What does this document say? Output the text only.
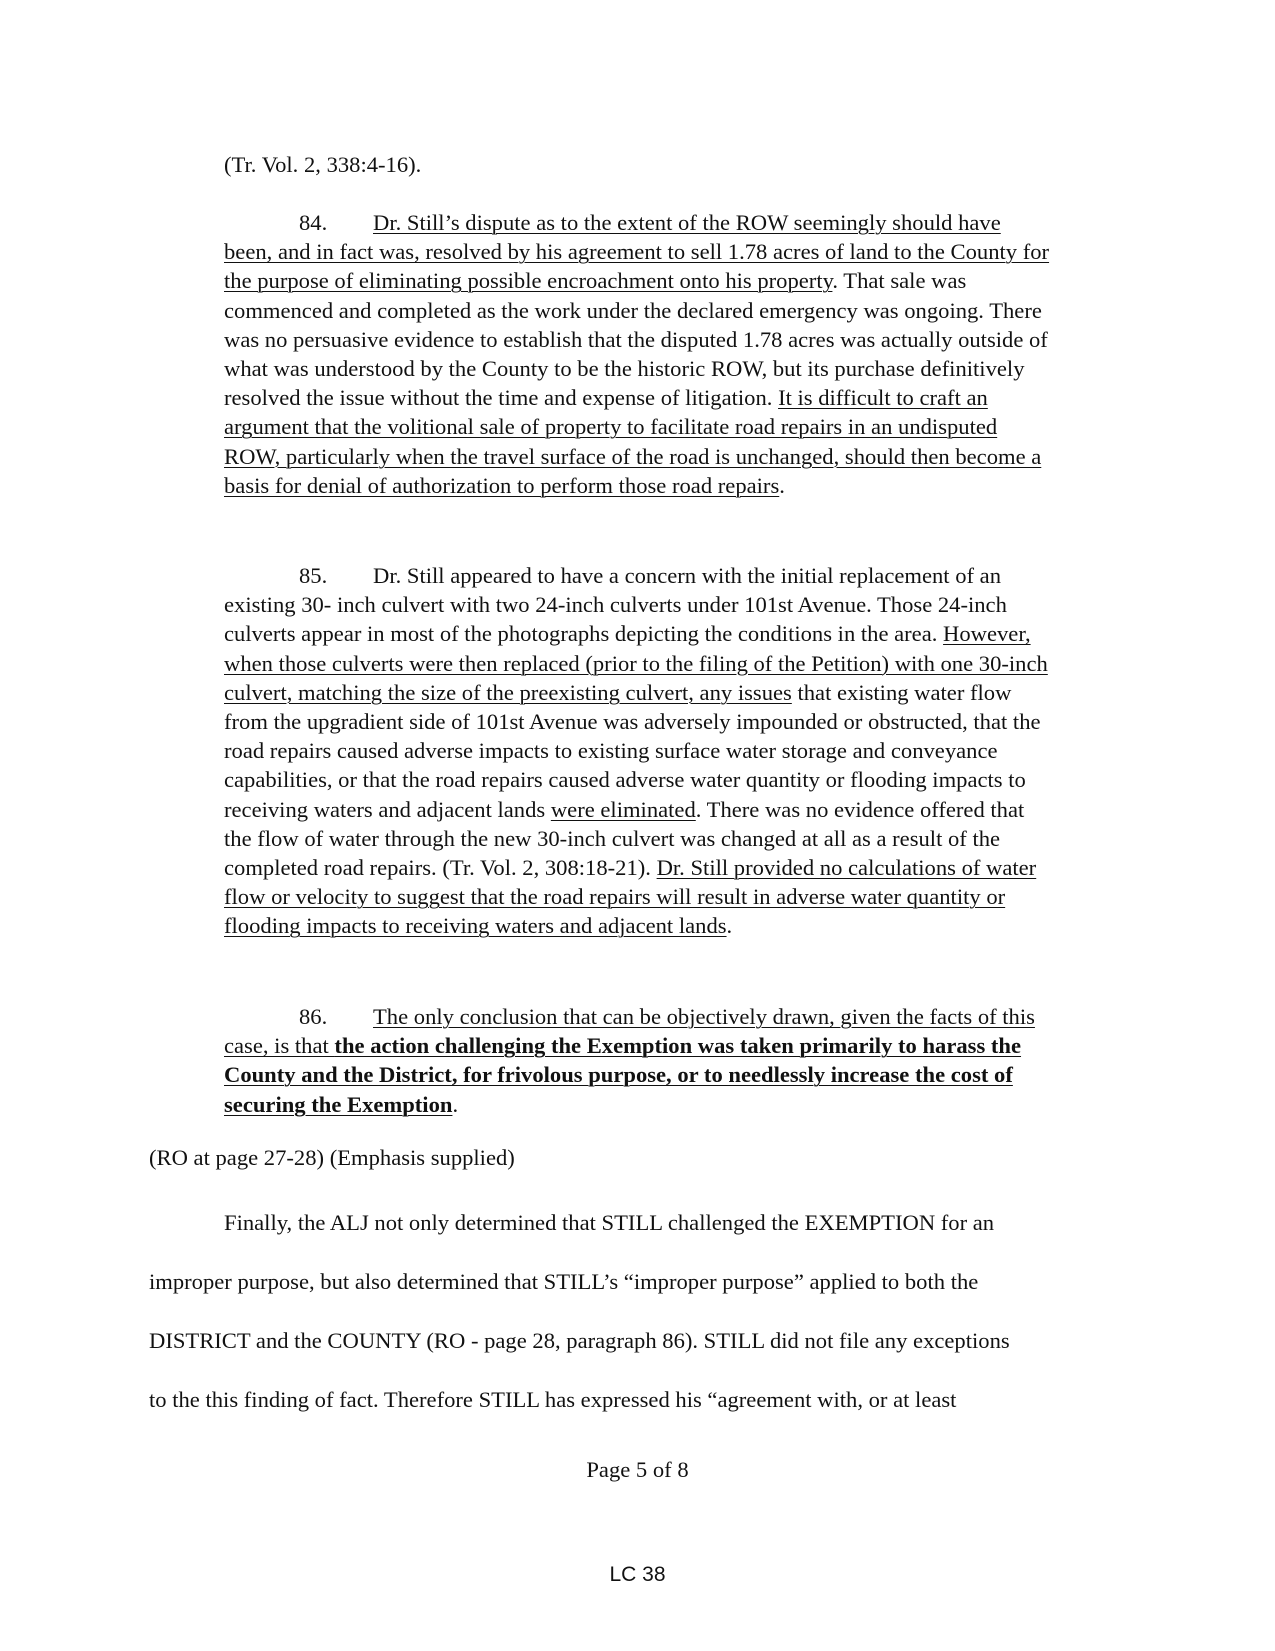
(Tr. Vol. 2, 338:4-16).

84. Dr. Still’s dispute as to the extent of the ROW seemingly should have been, and in fact was, resolved by his agreement to sell 1.78 acres of land to the County for the purpose of eliminating possible encroachment onto his property. That sale was commenced and completed as the work under the declared emergency was ongoing. There was no persuasive evidence to establish that the disputed 1.78 acres was actually outside of what was understood by the County to be the historic ROW, but its purchase definitively resolved the issue without the time and expense of litigation. It is difficult to craft an argument that the volitional sale of property to facilitate road repairs in an undisputed ROW, particularly when the travel surface of the road is unchanged, should then become a basis for denial of authorization to perform those road repairs.

85. Dr. Still appeared to have a concern with the initial replacement of an existing 30- inch culvert with two 24-inch culverts under 101st Avenue. Those 24-inch culverts appear in most of the photographs depicting the conditions in the area. However, when those culverts were then replaced (prior to the filing of the Petition) with one 30-inch culvert, matching the size of the preexisting culvert, any issues that existing water flow from the upgradient side of 101st Avenue was adversely impounded or obstructed, that the road repairs caused adverse impacts to existing surface water storage and conveyance capabilities, or that the road repairs caused adverse water quantity or flooding impacts to receiving waters and adjacent lands were eliminated. There was no evidence offered that the flow of water through the new 30-inch culvert was changed at all as a result of the completed road repairs. (Tr. Vol. 2, 308:18-21). Dr. Still provided no calculations of water flow or velocity to suggest that the road repairs will result in adverse water quantity or flooding impacts to receiving waters and adjacent lands.

86. The only conclusion that can be objectively drawn, given the facts of this case, is that the action challenging the Exemption was taken primarily to harass the County and the District, for frivolous purpose, or to needlessly increase the cost of securing the Exemption.

(RO at page 27-28) (Emphasis supplied)

Finally, the ALJ not only determined that STILL challenged the EXEMPTION for an
improper purpose, but also determined that STILL’s “improper purpose” applied to both the
DISTRICT and the COUNTY (RO - page 28, paragraph 86). STILL did not file any exceptions
to the this finding of fact. Therefore STILL has expressed his “agreement with, or at least
Page 5 of 8
LC 38
